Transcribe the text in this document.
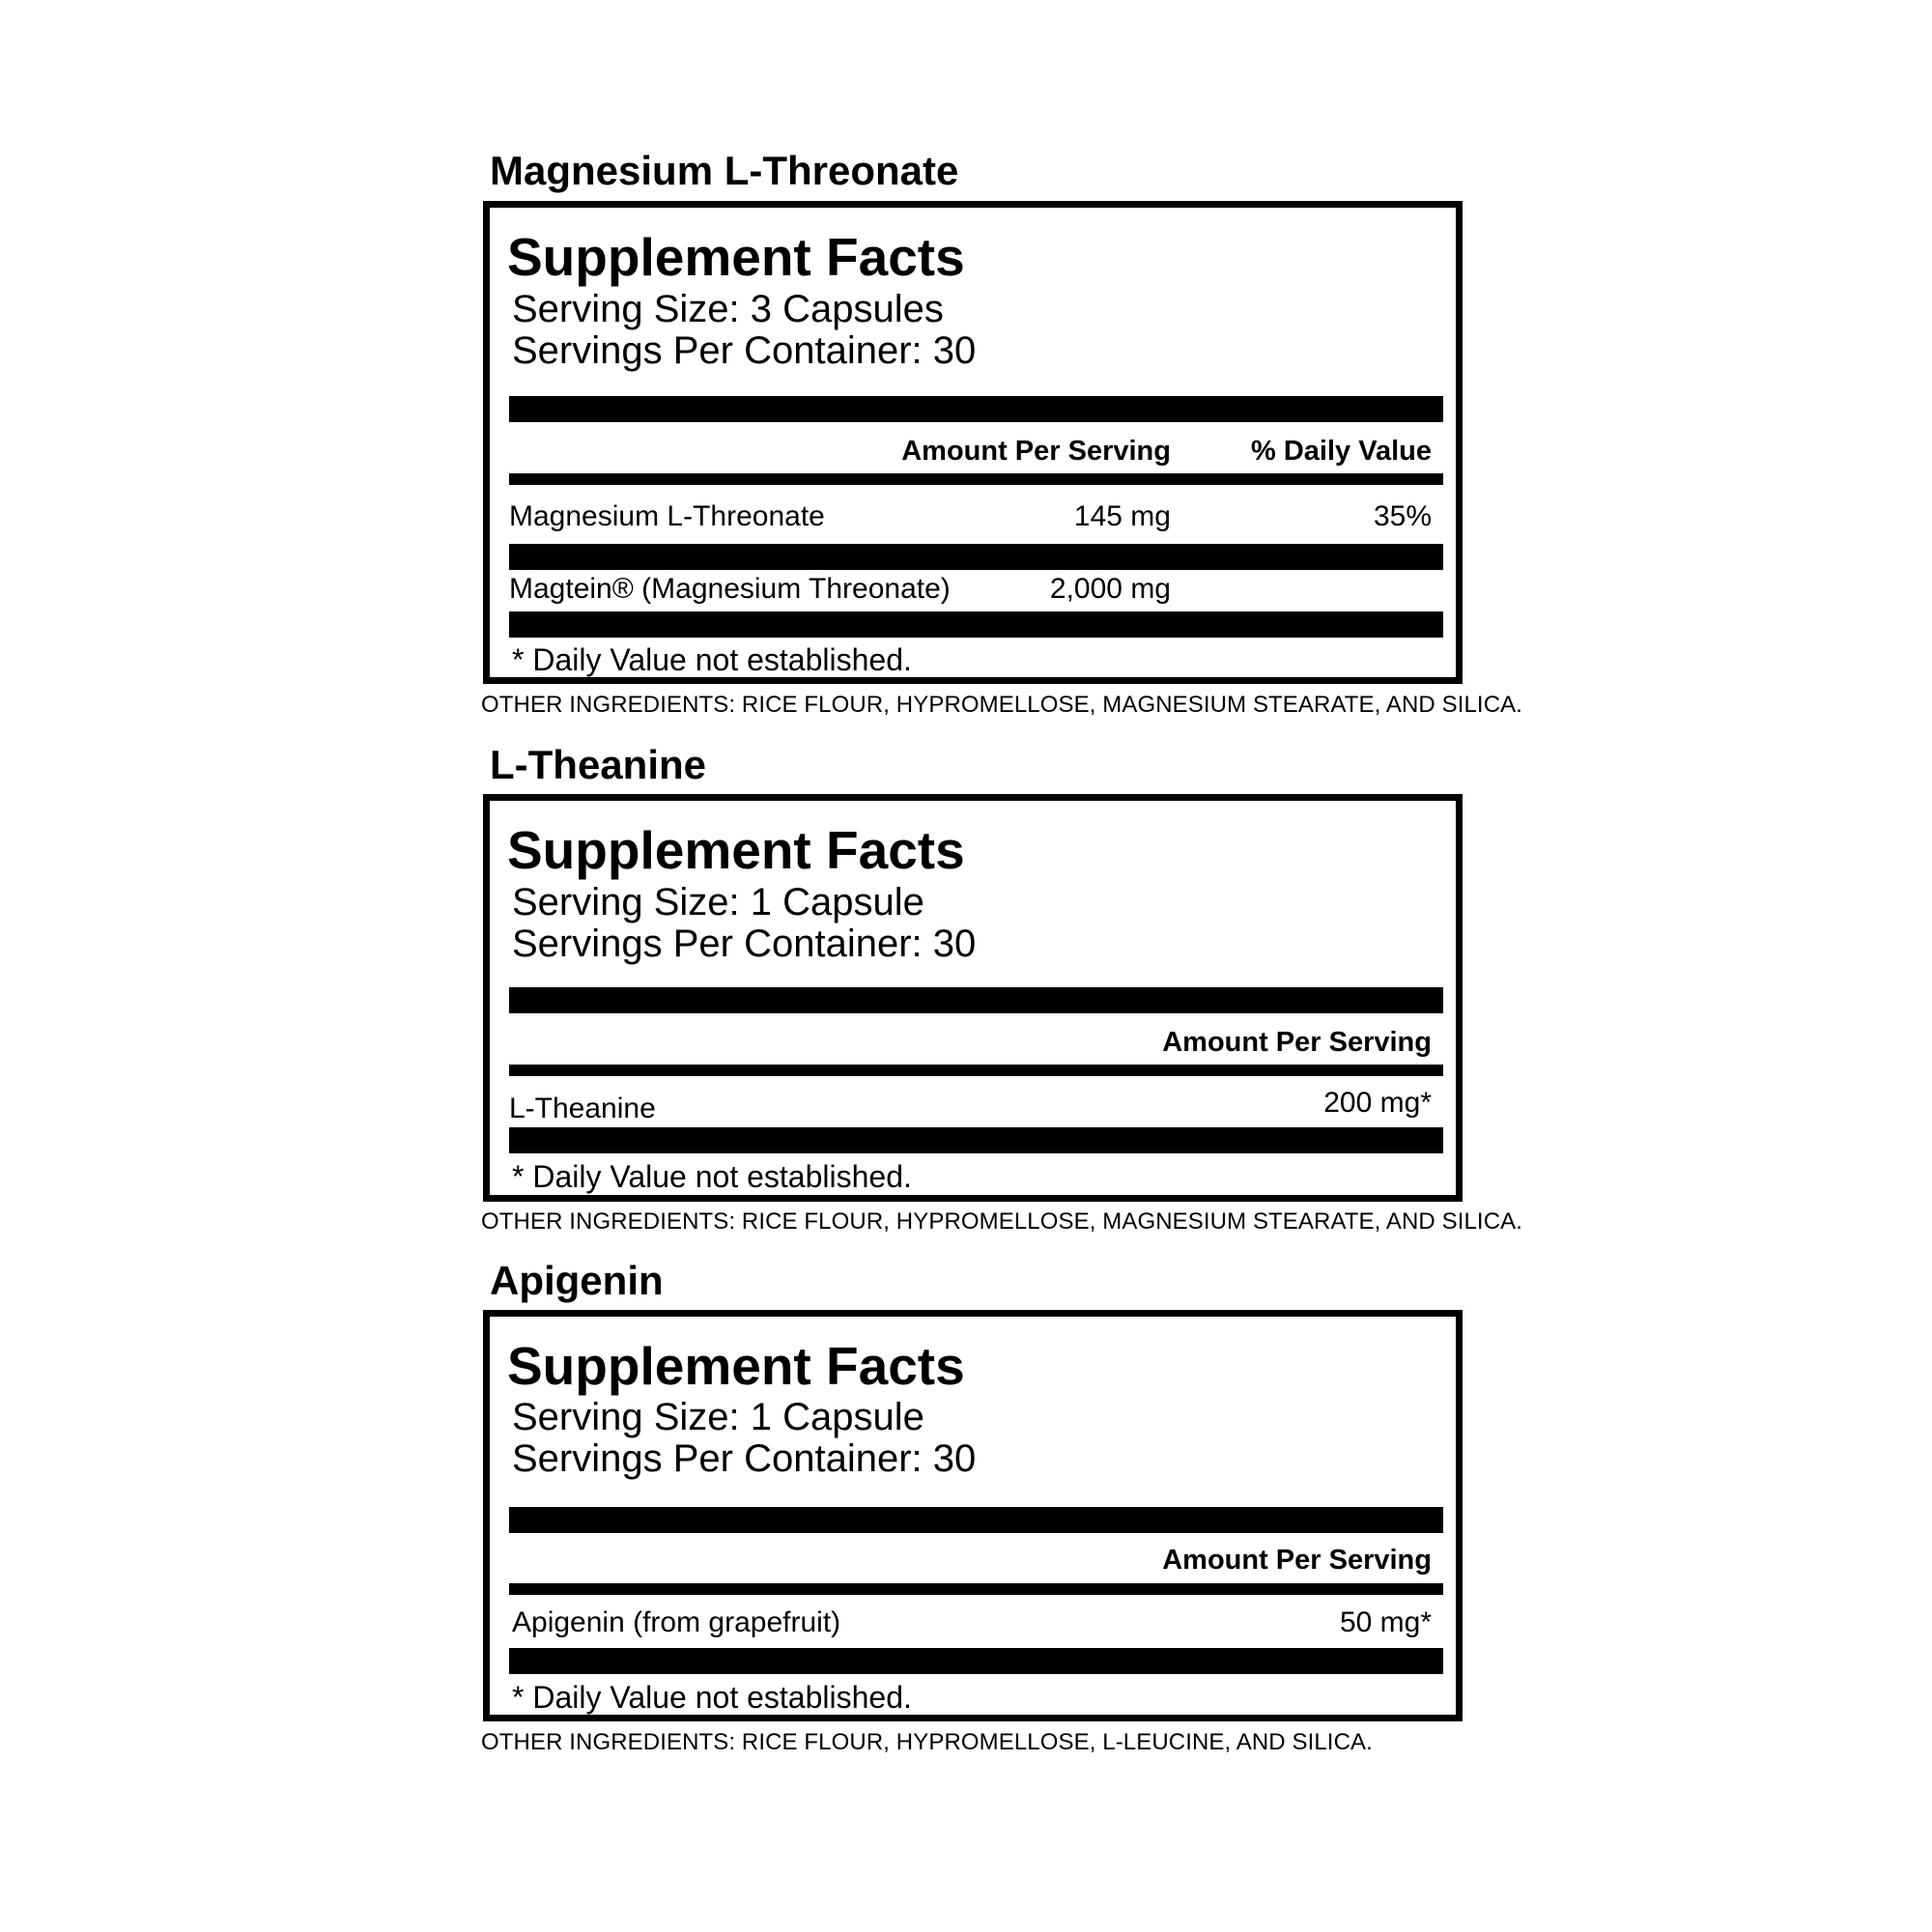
Magnesium L-Threonate
Supplement Facts
Serving Size: 3 Capsules
Servings Per Container: 30
Amount Per Serving	% Daily Value
Magnesium L-Threonate	145 mg	35%
Magtein® (Magnesium Threonate)	2,000 mg
* Daily Value not established.
OTHER INGREDIENTS: RICE FLOUR, HYPROMELLOSE, MAGNESIUM STEARATE, AND SILICA.
L-Theanine
Supplement Facts
Serving Size: 1 Capsule
Servings Per Container: 30
Amount Per Serving
L-Theanine	200 mg*
* Daily Value not established.
OTHER INGREDIENTS: RICE FLOUR, HYPROMELLOSE, MAGNESIUM STEARATE, AND SILICA.
Apigenin
Supplement Facts
Serving Size: 1 Capsule
Servings Per Container: 30
Amount Per Serving
Apigenin (from grapefruit)	50 mg*
* Daily Value not established.
OTHER INGREDIENTS: RICE FLOUR, HYPROMELLOSE, L-LEUCINE, AND SILICA.
